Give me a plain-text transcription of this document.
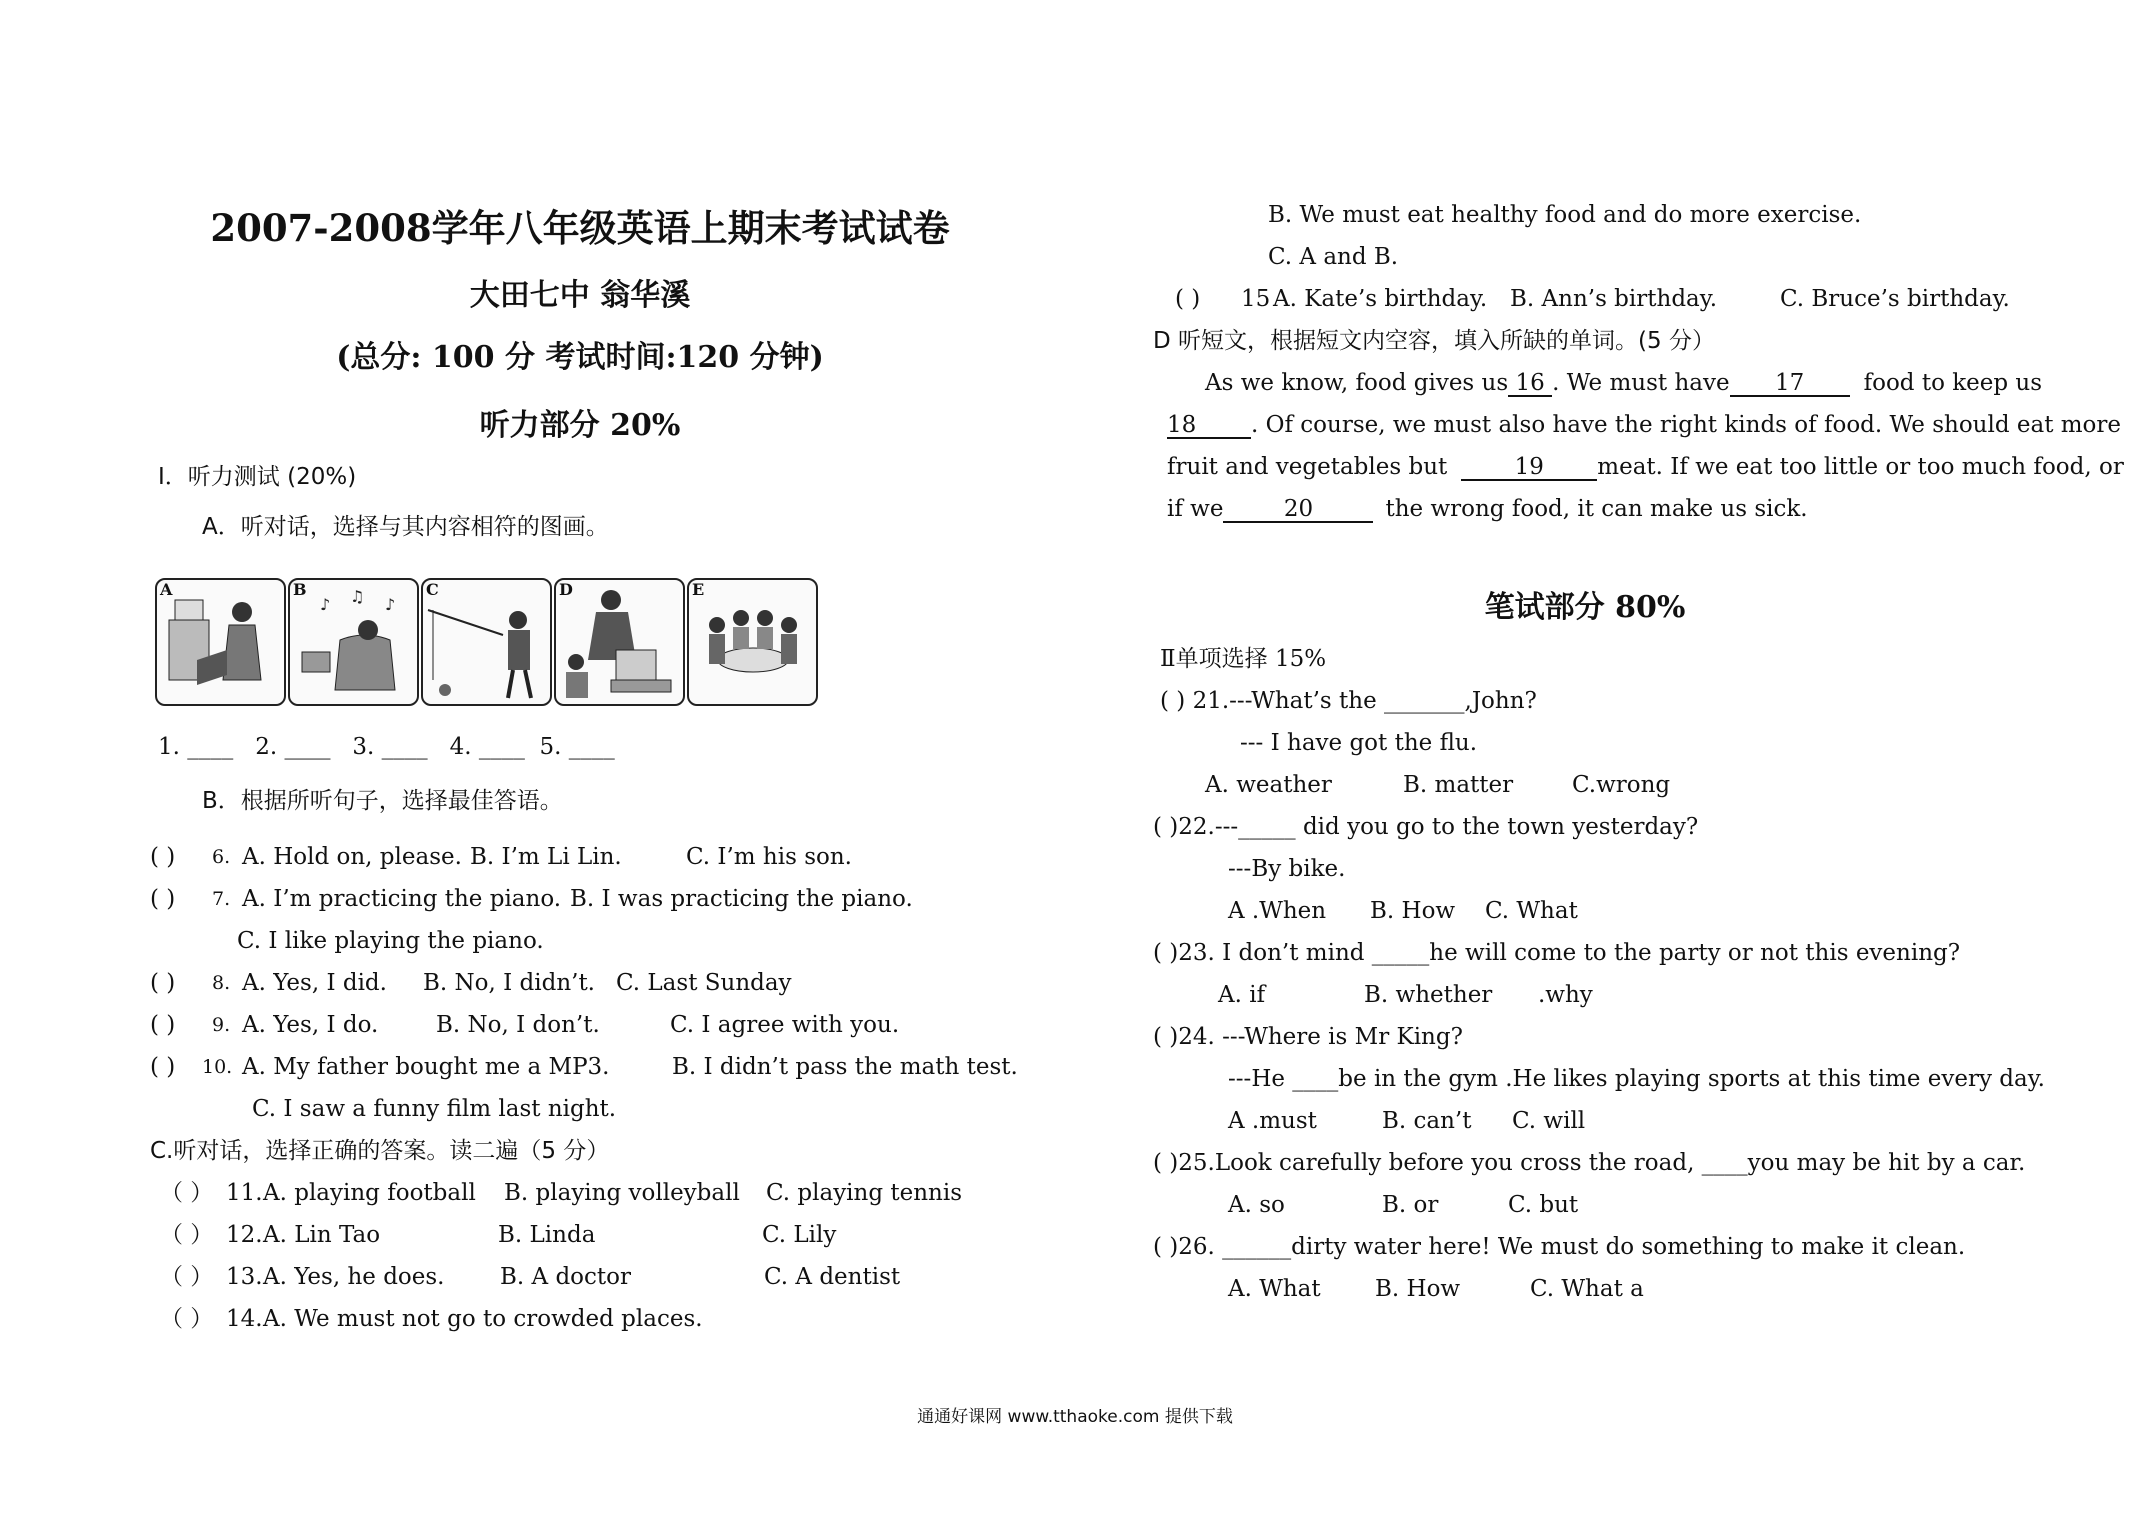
2007-2008学年八年级英语上期末考试试卷
大田七中 翁华溪
(总分: 100 分 考试时间:120 分钟)
听力部分 20%
Ⅰ．听力测试 (20%)
A．听对话，选择与其内容相符的图画。
A	B
♪ ♫ ♪
C	D	E
1. ____   2. ____   3. ____   4. ____  5. ____
B．根据所听句子，选择最佳答语。
( ) 6. A. Hold on, please. B. I’m Li Lin.	C. I’m his son.
( ) 7. A. I’m practicing the piano. B. I was practicing the piano.
C. I like playing the piano.
( ) 8. A. Yes, I did. B. No, I didn’t. C. Last Sunday
( ) 9. A. Yes, I do.	B. No, I don’t.	C. I agree with you.
( ) 10. A. My father bought me a MP3.	B. I didn’t pass the math test.
C. I saw a funny film last night.
C.听对话，选择正确的答案。读二遍（5 分）
（ ） 11. A. playing football B. playing volleyball C. playing tennis
（ ） 12. A. Lin Tao	B. Linda	C. Lily
（ ） 13. A. Yes, he does. B. A doctor	C. A dentist
（ ） 14. A. We must not go to crowded places.
B. We must eat healthy food and do more exercise.
C. A and B.
( ) 15 A. Kate’s birthday. B. Ann’s birthday.	C. Bruce’s birthday.
D 听短文，根据短文内空容，填入所缺的单词。(5 分）
As we know, food gives us 16 . We must have 17	food to keep us
18 . Of course, we must also have the right kinds of food. We should eat more
fruit and vegetables but	19 meat. If we eat too little or too much food, or
if we	20	the wrong food, it can make us sick.
笔试部分 80%
Ⅱ单项选择 15%
( ) 21.---What’s the _______,John?
--- I have got the flu.
A. weather	B. matter	C.wrong
( )22.---_____ did you go to the town yesterday?
---By bike.
A .When B. How C. What
( )23. I don’t mind _____he will come to the party or not this evening?
A. if	B. whether .why
( )24. ---Where is Mr King?
---He ____be in the gym .He likes playing sports at this time every day.
A .must	B. can’t C. will
( )25.Look carefully before you cross the road, ____you may be hit by a car.
A. so	B. or	C. but
( )26. ______dirty water here! We must do something to make it clean.
A. What B. How	C. What a
通通好课网 www.tthaoke.com 提供下载
